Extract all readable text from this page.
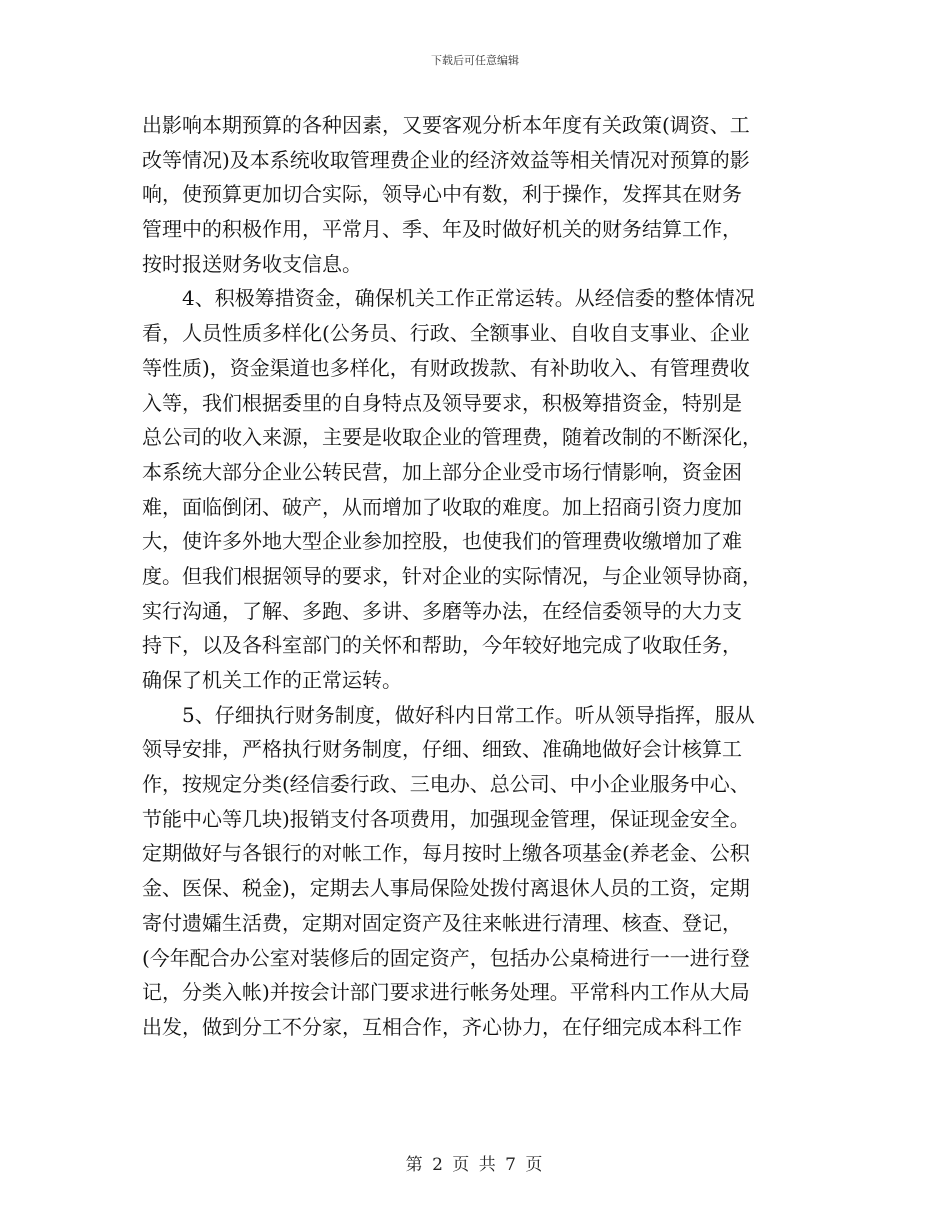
下载后可任意编辑
出影响本期预算的各种因素，又要客观分析本年度有关政策(调资、工
改等情况)及本系统收取管理费企业的经济效益等相关情况对预算的影
响，使预算更加切合实际，领导心中有数，利于操作，发挥其在财务
管理中的积极作用，平常月、季、年及时做好机关的财务结算工作，
按时报送财务收支信息。
　　4、积极筹措资金，确保机关工作正常运转。从经信委的整体情况
看，人员性质多样化(公务员、行政、全额事业、自收自支事业、企业
等性质)，资金渠道也多样化，有财政拨款、有补助收入、有管理费收
入等，我们根据委里的自身特点及领导要求，积极筹措资金，特别是
总公司的收入来源，主要是收取企业的管理费，随着改制的不断深化，
本系统大部分企业公转民营，加上部分企业受市场行情影响，资金困
难，面临倒闭、破产，从而增加了收取的难度。加上招商引资力度加
大，使许多外地大型企业参加控股，也使我们的管理费收缴增加了难
度。但我们根据领导的要求，针对企业的实际情况，与企业领导协商，
实行沟通，了解、多跑、多讲、多磨等办法，在经信委领导的大力支
持下，以及各科室部门的关怀和帮助，今年较好地完成了收取任务，
确保了机关工作的正常运转。
　　5、仔细执行财务制度，做好科内日常工作。听从领导指挥，服从
领导安排，严格执行财务制度，仔细、细致、准确地做好会计核算工
作，按规定分类(经信委行政、三电办、总公司、中小企业服务中心、
节能中心等几块)报销支付各项费用，加强现金管理，保证现金安全。
定期做好与各银行的对帐工作，每月按时上缴各项基金(养老金、公积
金、医保、税金)，定期去人事局保险处拨付离退休人员的工资，定期
寄付遗孀生活费，定期对固定资产及往来帐进行清理、核查、登记，
(今年配合办公室对装修后的固定资产，包括办公桌椅进行一一进行登
记，分类入帐)并按会计部门要求进行帐务处理。平常科内工作从大局
出发，做到分工不分家，互相合作，齐心协力，在仔细完成本科工作
第 2 页 共 7 页
